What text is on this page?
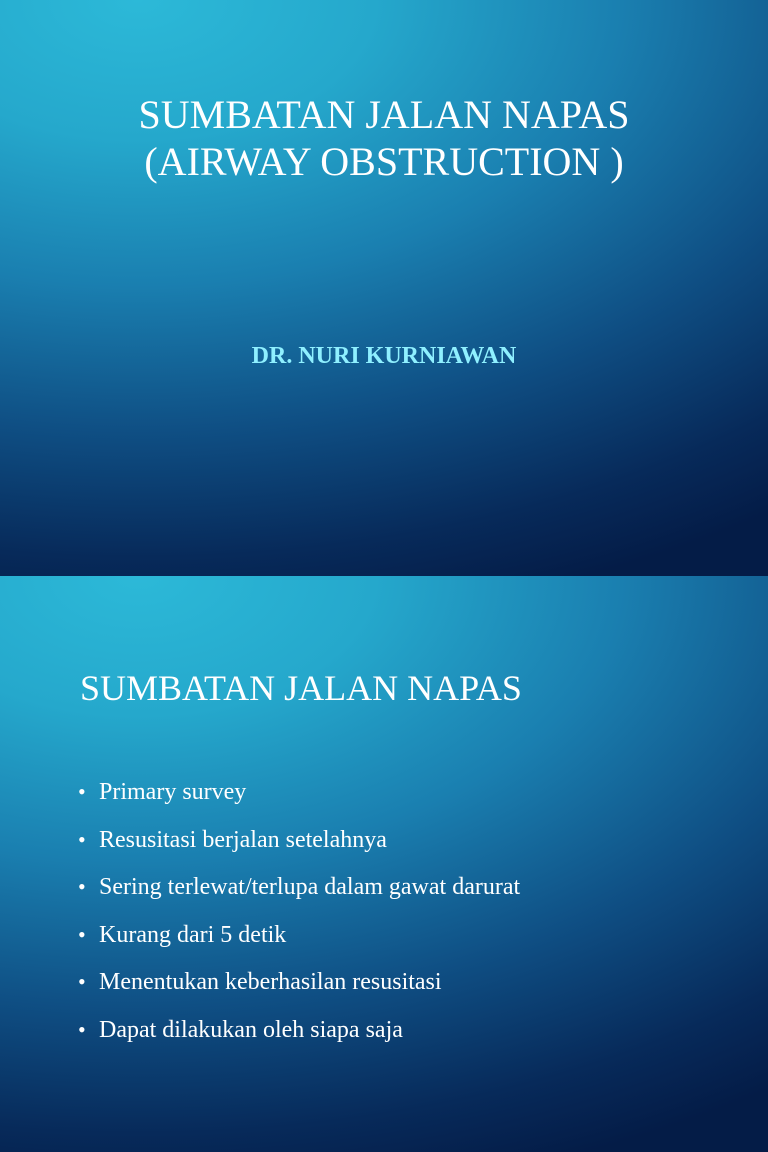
SUMBATAN JALAN NAPAS
(AIRWAY OBSTRUCTION )
DR. NURI KURNIAWAN
SUMBATAN JALAN NAPAS
• Primary survey
• Resusitasi berjalan setelahnya
• Sering terlewat/terlupa dalam gawat darurat
• Kurang dari 5 detik
• Menentukan keberhasilan resusitasi
• Dapat dilakukan oleh siapa saja
